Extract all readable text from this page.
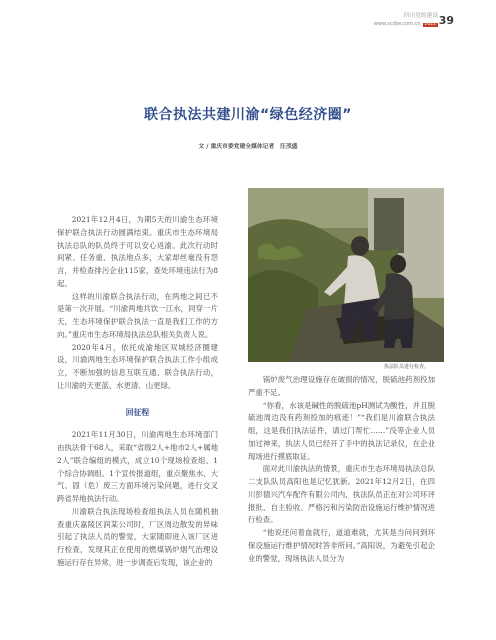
四川党的建设
www.scdjw.com.cn 2022 39
联合执法共建川渝“绿色经济圈”
文 / 重庆市委党建全媒体记者　汪茂盛

2021年12月4日，为期5天的川渝生态环境保护联合执法行动圆满结束。重庆市生态环境局执法总队的队员终于可以安心返渝。此次行动时间紧、任务重、执法地点多，大家却丝毫没有怨言，并检查排污企业115家，查处环境违法行为8起。

这样的川渝联合执法行动，在两地之间已不是第一次开展。“川渝两地共饮一江水，同穿一片天，生态环境保护联合执法一直是我们工作的方向。”重庆市生态环境局执法总队相关负责人说。

2020年4月，依托成渝地区双城经济圈建设，川渝两地生态环境保护联合执法工作小组成立，不断加强的信息互联互通、联合执法行动，让川渝的天更蓝、水更清、山更绿。

回征程

2021年11月30日，川渝两地生态环境部门由执法骨干68人，采取“省级2人+地市2人+属地2人”联合编组的模式，成立10个现场检查组、1个综合协调组、1个宣传报道组，重点聚焦水、大气、固（危）废三方面环境污染问题，进行交叉跨省异地执法行动。

川渝联合执法现场检查组执法人员在随机抽查重庆嘉陵区润某公司时，厂区周边散发的异味引起了执法人员的警觉，大家随即进入该厂区进行检查，发现其正在使用的燃煤锅炉烟气治理设施运行存在异常，进一步调查后发现，该企业的

执法队员进行检查。

锅炉废气治理设施存在破损的情况，脱硫池药剂投加严重不足。

“你看，水该是碱性的脱硫池pH测试为酸性，并且脱硫池周边没有药剂投加的痕迹！”“我们是川渝联合执法组，这是我们执法证件，请过门帮忙……”没等企业人员加过神来，执法人员已经开了手中的执法记录仪，在企业现场进行摸底取证。

面对此川渝执法的情景，重庆市生态环境局执法总队二支队队员高阳也是记忆犹新。2021年12月2日，在四川彭德兴汽车配件有限公司内，执法队员正在对公司环评报批、自主验收、严格污和污染防治设施运行维护情况进行检查。

“他说还问着血就行，道道难就，尤其是当问问到环保设施运行维护情况时答非所问。”高阳说，为避免引起企业的警觉，现场执法人员分为
